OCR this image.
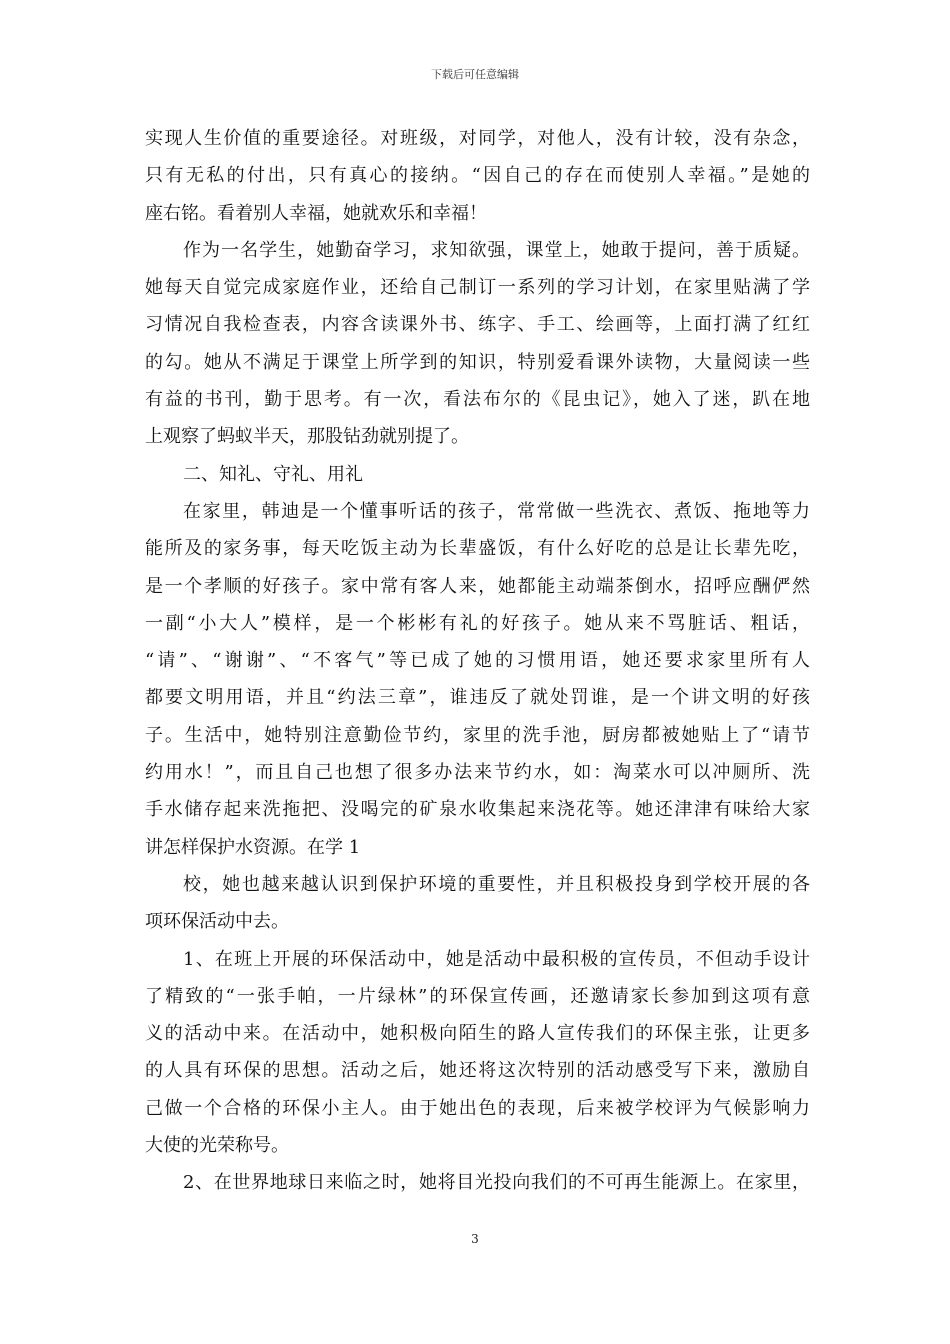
下载后可任意编辑
实现人生价值的重要途径。对班级，对同学，对他人，没有计较，没有杂念，
只有无私的付出，只有真心的接纳。“因自己的存在而使别人幸福。”是她的
座右铭。看着别人幸福，她就欢乐和幸福！
作为一名学生，她勤奋学习，求知欲强，课堂上，她敢于提问，善于质疑。
她每天自觉完成家庭作业，还给自己制订一系列的学习计划，在家里贴满了学
习情况自我检查表，内容含读课外书、练字、手工、绘画等，上面打满了红红
的勾。她从不满足于课堂上所学到的知识，特别爱看课外读物，大量阅读一些
有益的书刊，勤于思考。有一次，看法布尔的《昆虫记》，她入了迷，趴在地
上观察了蚂蚁半天，那股钻劲就别提了。
二、知礼、守礼、用礼
在家里，韩迪是一个懂事听话的孩子，常常做一些洗衣、煮饭、拖地等力
能所及的家务事，每天吃饭主动为长辈盛饭，有什么好吃的总是让长辈先吃，
是一个孝顺的好孩子。家中常有客人来，她都能主动端茶倒水，招呼应酬俨然
一副“小大人”模样，是一个彬彬有礼的好孩子。她从来不骂脏话、粗话，
“请”、“谢谢”、“不客气”等已成了她的习惯用语，她还要求家里所有人
都要文明用语，并且“约法三章”，谁违反了就处罚谁，是一个讲文明的好孩
子。生活中，她特别注意勤俭节约，家里的洗手池，厨房都被她贴上了“请节
约用水！”，而且自己也想了很多办法来节约水，如：淘菜水可以冲厕所、洗
手水储存起来洗拖把、没喝完的矿泉水收集起来浇花等。她还津津有味给大家
讲怎样保护水资源。在学 1
校，她也越来越认识到保护环境的重要性，并且积极投身到学校开展的各
项环保活动中去。
1、在班上开展的环保活动中，她是活动中最积极的宣传员，不但动手设计
了精致的“一张手帕，一片绿林”的环保宣传画，还邀请家长参加到这项有意
义的活动中来。在活动中，她积极向陌生的路人宣传我们的环保主张，让更多
的人具有环保的思想。活动之后，她还将这次特别的活动感受写下来，激励自
己做一个合格的环保小主人。由于她出色的表现，后来被学校评为气候影响力
大使的光荣称号。
2、在世界地球日来临之时，她将目光投向我们的不可再生能源上。在家里，
3
